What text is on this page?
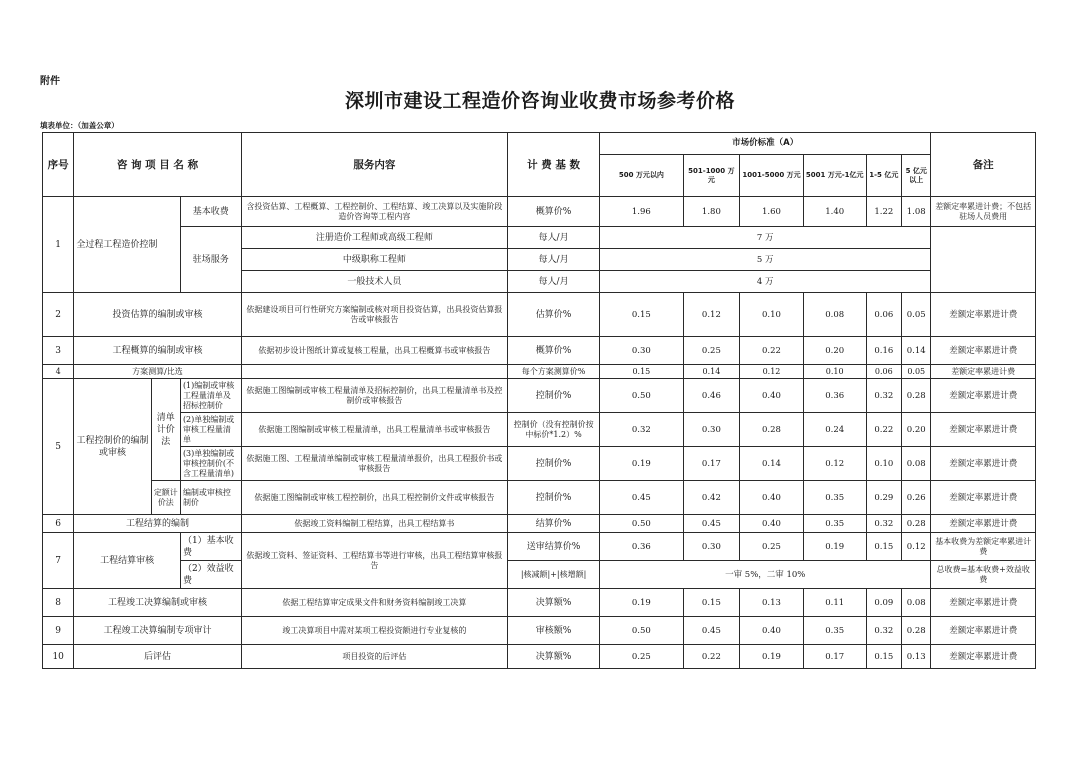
附件
深圳市建设工程造价咨询业收费市场参考价格
填表单位：（加盖公章）
序号	咨 询 项 目 名 称			服务内容	计 费 基 数	市场价标准（A）						备注
						500 万元以内	501-1000 万元	1001-5000 万元	5001 万元-1亿元	1-5 亿元	5 亿元以上	
1	全过程工程造价控制		基本收费	含投资估算、工程概算、工程控制价、工程结算、竣工决算以及实施阶段造价咨询等工程内容	概算价%	1.96	1.80	1.60	1.40	1.22	1.08	差额定率累进计费；不包括驻场人员费用
			驻场服务	注册造价工程师或高级工程师	每人/月	7 万						
				中级职称工程师	每人/月	5 万						
				一般技术人员	每人/月	4 万						
2	投资估算的编制或审核			依据建设项目可行性研究方案编制或核对项目投资估算，出具投资估算报告或审核报告	估算价%	0.15	0.12	0.10	0.08	0.06	0.05	差额定率累进计费
3	工程概算的编制或审核			依据初步设计图纸计算或复核工程量，出具工程概算书或审核报告	概算价%	0.30	0.25	0.22	0.20	0.16	0.14	差额定率累进计费
4	方案测算/比选				每个方案测算价%	0.15	0.14	0.12	0.10	0.06	0.05	差额定率累进计费
5	工程控制价的编制或审核	清单计价法	(1)编制或审核工程量清单及招标控制价	依据施工图编制或审核工程量清单及招标控制价，出具工程量清单书及控制价或审核报告	控制价%	0.50	0.46	0.40	0.36	0.32	0.28	差额定率累进计费
			(2)单独编制或审核工程量清单	依据施工图编制或审核工程量清单，出具工程量清单书或审核报告	控制价（没有控制价按中标价*1.2）%	0.32	0.30	0.28	0.24	0.22	0.20	差额定率累进计费
			(3)单独编制或审核控制价(不含工程量清单)	依据施工图、工程量清单编制或审核工程量清单报价，出具工程报价书或审核报告	控制价%	0.19	0.17	0.14	0.12	0.10	0.08	差额定率累进计费
		定额计价法	编制或审核控制价	依据施工图编制或审核工程控制价，出具工程控制价文件或审核报告	控制价%	0.45	0.42	0.40	0.35	0.29	0.26	差额定率累进计费
6	工程结算的编制			依据竣工资料编制工程结算，出具工程结算书	结算价%	0.50	0.45	0.40	0.35	0.32	0.28	差额定率累进计费
7	工程结算审核		（1）基本收费	依据竣工资料、签证资料、工程结算书等进行审核，出具工程结算审核报告	送审结算价%	0.36	0.30	0.25	0.19	0.15	0.12	基本收费为差额定率累进计费
			（2）效益收费		|核减额|+|核增额|	一审 5%，二审 10%						总收费=基本收费+效益收费
8	工程竣工决算编制或审核			依据工程结算审定成果文件和财务资料编制竣工决算	决算额%	0.19	0.15	0.13	0.11	0.09	0.08	差额定率累进计费
9	工程竣工决算编制专项审计			竣工决算项目中需对某项工程投资额进行专业复核的	审核额%	0.50	0.45	0.40	0.35	0.32	0.28	差额定率累进计费
10	后评估			项目投资的后评估	决算额%	0.25	0.22	0.19	0.17	0.15	0.13	差额定率累进计费
